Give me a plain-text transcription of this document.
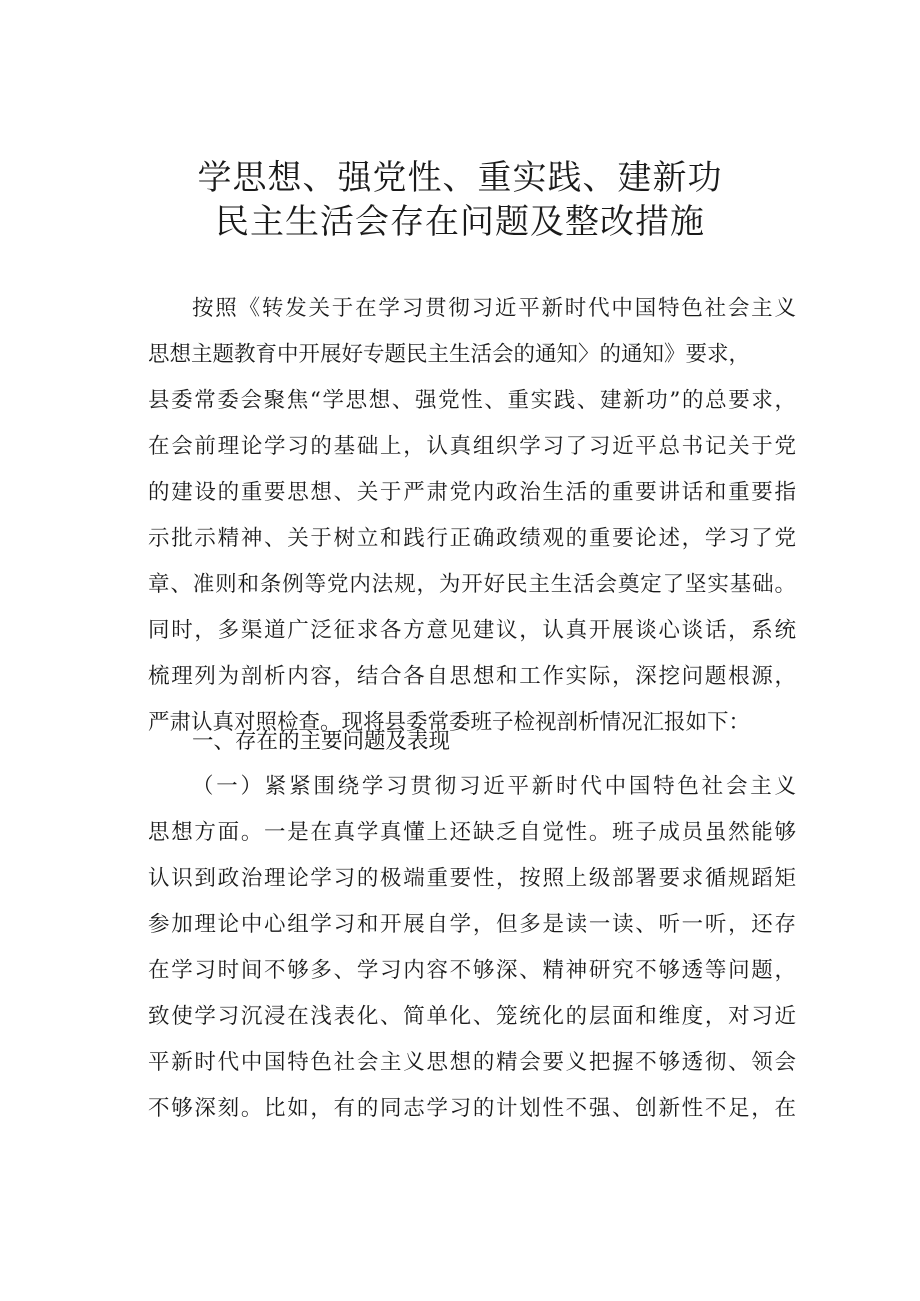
学思想、强党性、重实践、建新功
民主生活会存在问题及整改措施
按照《转发关于在学习贯彻习近平新时代中国特色社会主义
思想主题教育中开展好专题民主生活会的通知〉的通知》要求，
县委常委会聚焦“学思想、强党性、重实践、建新功”的总要求，
在会前理论学习的基础上，认真组织学习了习近平总书记关于党
的建设的重要思想、关于严肃党内政治生活的重要讲话和重要指
示批示精神、关于树立和践行正确政绩观的重要论述，学习了党
章、准则和条例等党内法规，为开好民主生活会奠定了坚实基础。
同时，多渠道广泛征求各方意见建议，认真开展谈心谈话，系统
梳理列为剖析内容，结合各自思想和工作实际，深挖问题根源，
严肃认真对照检查。现将县委常委班子检视剖析情况汇报如下：
一、存在的主要问题及表现
（一）紧紧围绕学习贯彻习近平新时代中国特色社会主义
思想方面。一是在真学真懂上还缺乏自觉性。班子成员虽然能够
认识到政治理论学习的极端重要性，按照上级部署要求循规蹈矩
参加理论中心组学习和开展自学，但多是读一读、听一听，还存
在学习时间不够多、学习内容不够深、精神研究不够透等问题，
致使学习沉浸在浅表化、简单化、笼统化的层面和维度，对习近
平新时代中国特色社会主义思想的精会要义把握不够透彻、领会
不够深刻。比如，有的同志学习的计划性不强、创新性不足，在
